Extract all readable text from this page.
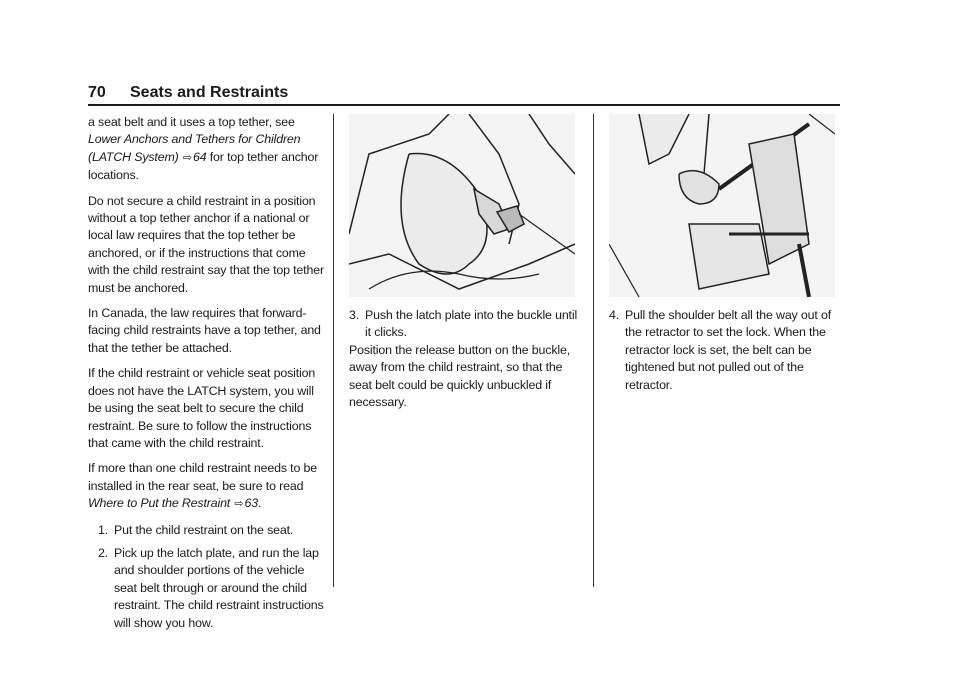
70 Seats and Restraints

a seat belt and it uses a top tether, see Lower Anchors and Tethers for Children (LATCH System) ⇨64 for top tether anchor locations.

Do not secure a child restraint in a position without a top tether anchor if a national or local law requires that the top tether be anchored, or if the instructions that come with the child restraint say that the top tether must be anchored.

In Canada, the law requires that forward-facing child restraints have a top tether, and that the tether be attached.

If the child restraint or vehicle seat position does not have the LATCH system, you will be using the seat belt to secure the child restraint. Be sure to follow the instructions that came with the child restraint.

If more than one child restraint needs to be installed in the rear seat, be sure to read Where to Put the Restraint ⇨63.

1. Put the child restraint on the seat.
2. Pick up the latch plate, and run the lap and shoulder portions of the vehicle seat belt through or around the child restraint. The child restraint instructions will show you how.
3. Push the latch plate into the buckle until it clicks.

Position the release button on the buckle, away from the child restraint, so that the seat belt could be quickly unbuckled if necessary.

4. Pull the shoulder belt all the way out of the retractor to set the lock. When the retractor lock is set, the belt can be tightened but not pulled out of the retractor.
